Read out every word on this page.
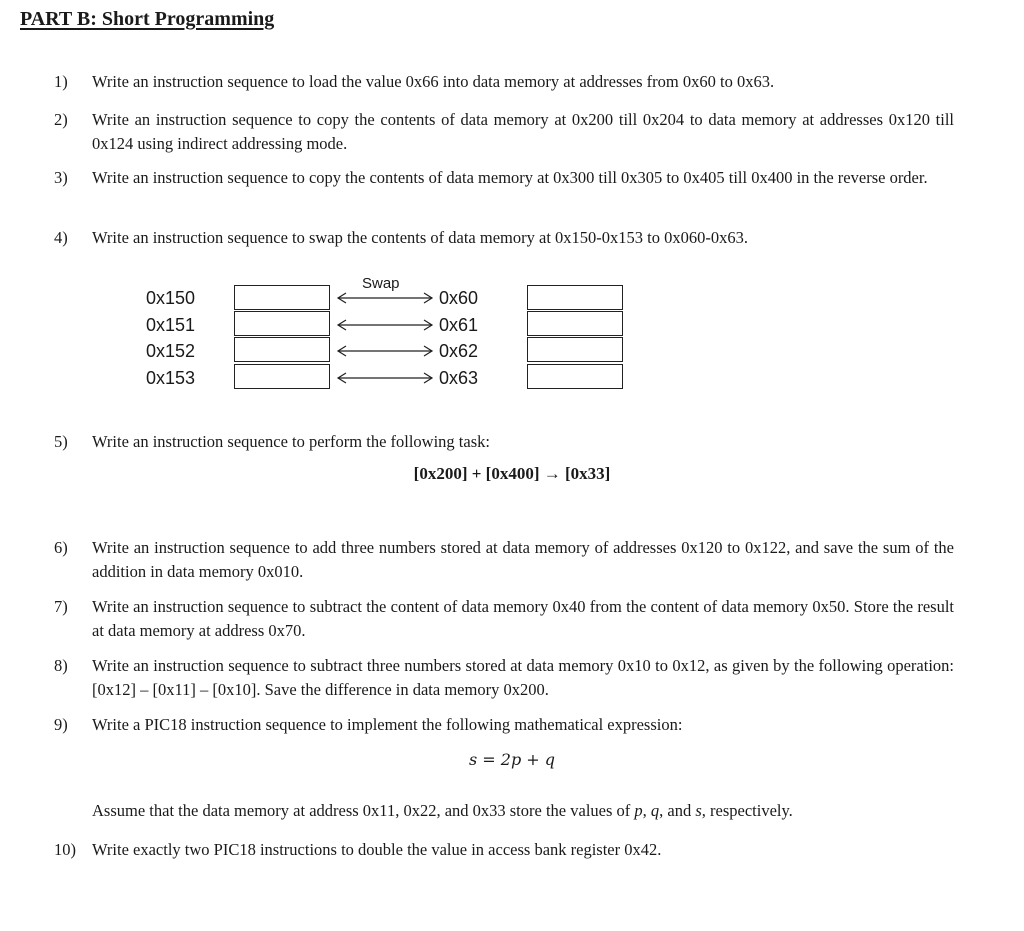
PART B: Short Programming
1)	Write an instruction sequence to load the value 0x66 into data memory at addresses from 0x60 to 0x63.
2)	Write an instruction sequence to copy the contents of data memory at 0x200 till 0x204 to data memory at addresses 0x120 till 0x124 using indirect addressing mode.
3)	Write an instruction sequence to copy the contents of data memory at 0x300 till 0x305 to 0x405 till 0x400 in the reverse order.
4)	Write an instruction sequence to swap the contents of data memory at 0x150-0x153 to 0x060-0x63.
Swap
0x150
0x151
0x152
0x153
0x60
0x61
0x62
0x63
5)	Write an instruction sequence to perform the following task:
[0x200] + [0x400] → [0x33]
6)	Write an instruction sequence to add three numbers stored at data memory of addresses 0x120 to 0x122, and save the sum of the addition in data memory 0x010.
7)	Write an instruction sequence to subtract the content of data memory 0x40 from the content of data memory 0x50. Store the result at data memory at address 0x70.
8)	Write an instruction sequence to subtract three numbers stored at data memory 0x10 to 0x12, as given by the following operation: [0x12] – [0x11] – [0x10]. Save the difference in data memory 0x200.
9)	Write a PIC18 instruction sequence to implement the following mathematical expression:
s = 2p + q
Assume that the data memory at address 0x11, 0x22, and 0x33 store the values of p, q, and s, respectively.
10) Write exactly two PIC18 instructions to double the value in access bank register 0x42.
